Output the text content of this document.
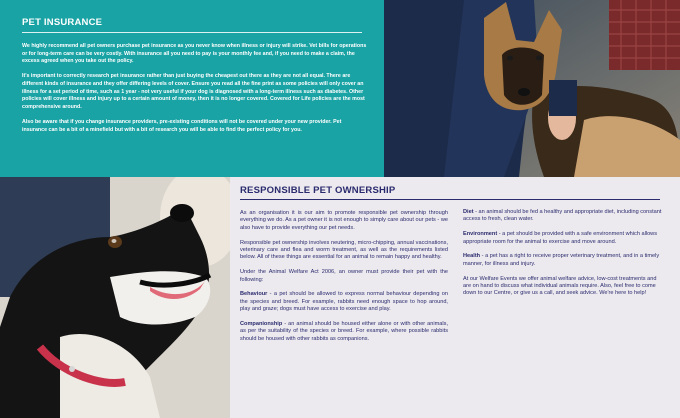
PET INSURANCE

We highly recommend all pet owners purchase pet insurance as you never know when illness or injury will strike. Vet bills for operations or for long-term care can be very costly. With insurance all you need to pay is your monthly fee and, if you need to make a claim, the excess agreed when you take out the policy.

It's important to correctly research pet insurance rather than just buying the cheapest out there as they are not all equal. There are different kinds of insurance and they offer differing levels of cover. Ensure you read all the fine print as some policies will only cover an illness for a set period of time, such as 1 year - not very useful if your dog is diagnosed with a long-term illness such as diabetes. Other policies will cover illness and injury up to a certain amount of money, then it is no longer covered. Covered for Life policies are the most comprehensive around.

Also be aware that if you change insurance providers, pre-existing conditions will not be covered under your new provider. Pet insurance can be a bit of a minefield but with a bit of research you will be able to find the perfect policy for you.

RESPONSIBLE PET OWNERSHIP

As an organisation it is our aim to promote responsible pet ownership through everything we do. As a pet owner it is not enough to simply care about our pets - we also have to provide everything our pet needs.

Responsible pet ownership involves neutering, micro-chipping, annual vaccinations, veterinary care and flea and worm treatment, as well as the requirements listed below. All of these things are essential for an animal to remain happy and healthy.

Under the Animal Welfare Act 2006, an owner must provide their pet with the following:

Behaviour - a pet should be allowed to express normal behaviour depending on the species and breed. For example, rabbits need enough space to hop around, play and graze; dogs must have access to exercise and play.

Companionship - an animal should be housed either alone or with other animals, as per the suitability of the species or breed. For example, where possible rabbits should be housed with other rabbits as companions.

Diet - an animal should be fed a healthy and appropriate diet, including constant access to fresh, clean water.

Environment - a pet should be provided with a safe environment which allows appropriate room for the animal to exercise and move around.

Health - a pet has a right to receive proper veterinary treatment, and in a timely manner, for illness and injury.

At our Welfare Events we offer animal welfare advice, low-cost treatments and are on hand to discuss what individual animals require. Also, feel free to come down to our Centre, or give us a call, and seek advice. We're here to help!
